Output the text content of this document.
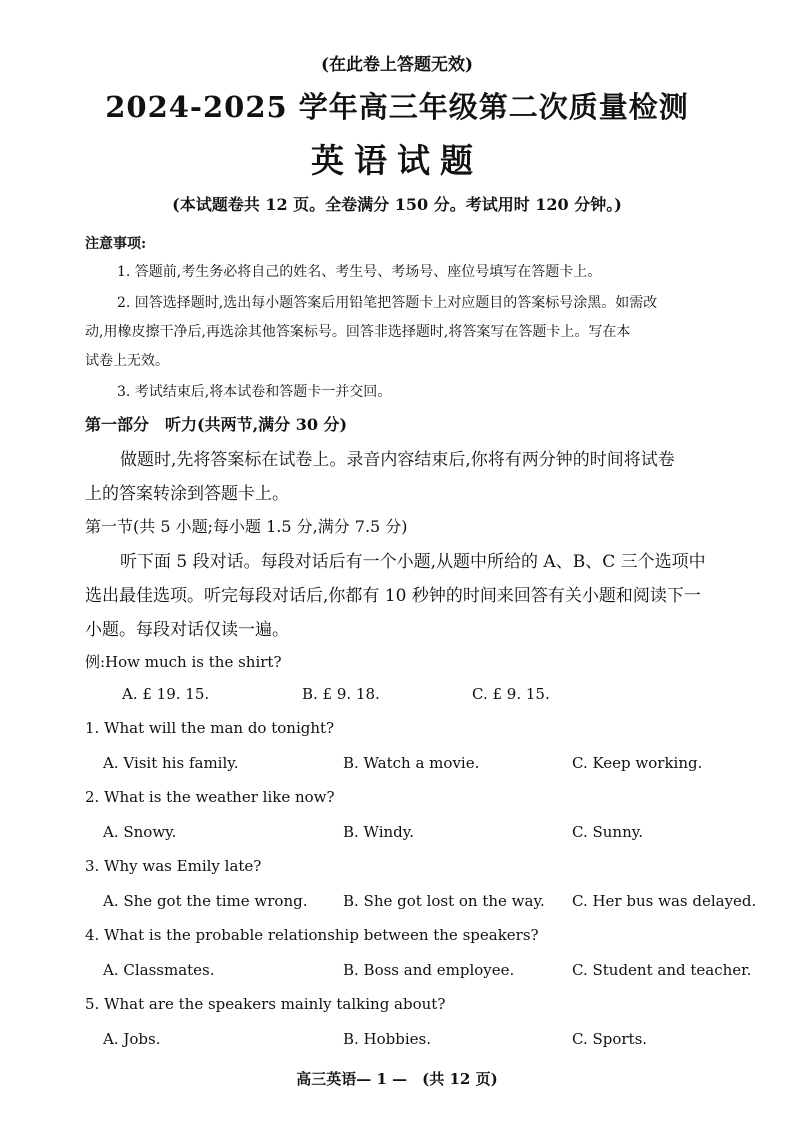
(在此卷上答题无效)
2024-2025 学年高三年级第二次质量检测
英语试题
(本试题卷共 12 页。全卷满分 150 分。考试用时 120 分钟。)
注意事项:
1. 答题前,考生务必将自己的姓名、考生号、考场号、座位号填写在答题卡上。
2. 回答选择题时,选出每小题答案后用铅笔把答题卡上对应题目的答案标号涂黑。如需改
动,用橡皮擦干净后,再选涂其他答案标号。回答非选择题时,将答案写在答题卡上。写在本
试卷上无效。
3. 考试结束后,将本试卷和答题卡一并交回。
第一部分　听力(共两节,满分 30 分)
做题时,先将答案标在试卷上。录音内容结束后,你将有两分钟的时间将试卷
上的答案转涂到答题卡上。
第一节(共 5 小题;每小题 1.5 分,满分 7.5 分)
听下面 5 段对话。每段对话后有一个小题,从题中所给的 A、B、C 三个选项中
选出最佳选项。听完每段对话后,你都有 10 秒钟的时间来回答有关小题和阅读下一
小题。每段对话仅读一遍。
例:How much is the shirt?
A. £ 19. 15.	B. £ 9. 18.	C. £ 9. 15.
1. What will the man do tonight?
A. Visit his family.	B. Watch a movie.	C. Keep working.
2. What is the weather like now?
A. Snowy.	B. Windy.	C. Sunny.
3. Why was Emily late?
A. She got the time wrong. B. She got lost on the way. C. Her bus was delayed.
4. What is the probable relationship between the speakers?
A. Classmates.	B. Boss and employee.	C. Student and teacher.
5. What are the speakers mainly talking about?
A. Jobs.	B. Hobbies.	C. Sports.
高三英语— 1 —　(共 12 页)
